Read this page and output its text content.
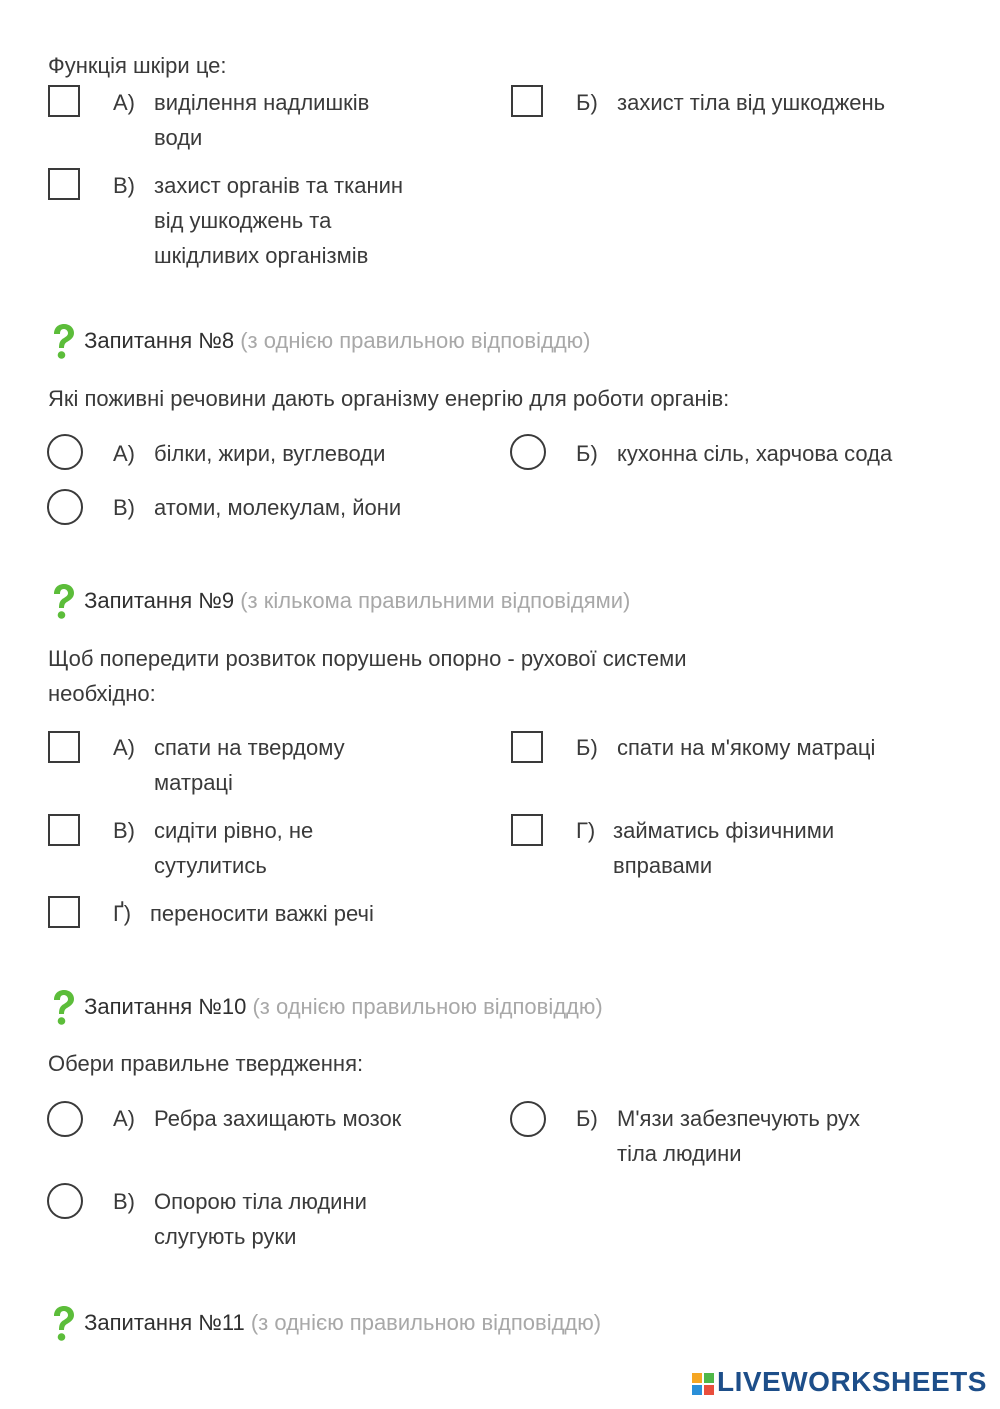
Функція шкіри це:
А) виділення надлишків
води
Б) захист тіла від ушкоджень
В) захист органів та тканин
від ушкоджень та
шкідливих організмів
Запитання №8 (з однією правильною відповіддю)
Які поживні речовини дають організму енергію для роботи органів:
А) білки, жири, вуглеводи	Б) кухонна сіль, харчова сода
В) атоми, молекулам, йони
Запитання №9 (з кількома правильними відповідями)
Щоб попередити розвиток порушень опорно - рухової системи
необхідно:
А) спати на твердому
матраці
Б) спати на м'якому матраці
В) сидіти рівно, не
сутулитись
Г) займатись фізичними
вправами
Ґ) переносити важкі речі
Запитання №10 (з однією правильною відповіддю)
Обери правильне твердження:
А) Ребра захищають мозок	Б) М'язи забезпечують рух
тіла людини
В) Опорою тіла людини
слугують руки
Запитання №11 (з однією правильною відповіддю)
LIVEWORKSHEETS
